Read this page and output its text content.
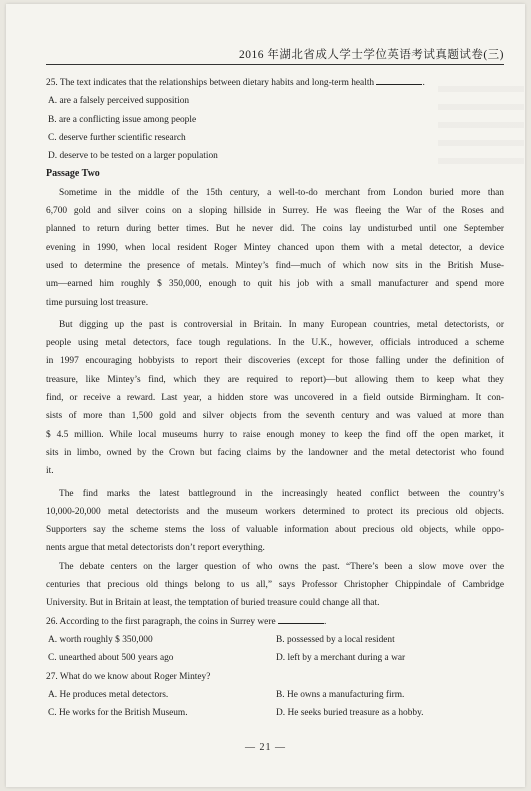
2016 年湖北省成人学士学位英语考试真题试卷(三)
25. The text indicates that the relationships between dietary habits and long-term health	.
A. are a falsely perceived supposition
B. are a conflicting issue among people
C. deserve further scientific research
D. deserve to be tested on a larger population
Passage Two
Sometime in the middle of the 15th century, a well-to-do merchant from London buried more than
6,700 gold and silver coins on a sloping hillside in Surrey. He was fleeing the War of the Roses and
planned to return during better times. But he never did. The coins lay undisturbed until one September
evening in 1990, when local resident Roger Mintey chanced upon them with a metal detector, a device
used to determine the presence of metals. Mintey’s find—much of which now sits in the British Muse-
um—earned him roughly $ 350,000, enough to quit his job with a small manufacturer and spend more
time pursuing lost treasure.
But digging up the past is controversial in Britain. In many European countries, metal detectorists, or
people using metal detectors, face tough regulations. In the U.K., however, officials introduced a scheme
in 1997 encouraging hobbyists to report their discoveries (except for those falling under the definition of
treasure, like Mintey’s find, which they are required to report)—but allowing them to keep what they
find, or receive a reward. Last year, a hidden store was uncovered in a field outside Birmingham. It con-
sists of more than 1,500 gold and silver objects from the seventh century and was valued at more than
$ 4.5 million. While local museums hurry to raise enough money to keep the find off the open market, it
sits in limbo, owned by the Crown but facing claims by the landowner and the metal detectorist who found
it.
The find marks the latest battleground in the increasingly heated conflict between the country’s
10,000-20,000 metal detectorists and the museum workers determined to protect its precious old objects.
Supporters say the scheme stems the loss of valuable information about precious old objects, while oppo-
nents argue that metal detectorists don’t report everything.
The debate centers on the larger question of who owns the past. “There’s been a slow move over the
centuries that precious old things belong to us all,” says Professor Christopher Chippindale of Cambridge
University. But in Britain at least, the temptation of buried treasure could change all that.
26. According to the first paragraph, the coins in Surrey were	.
A. worth roughly $ 350,000	B. possessed by a local resident
C. unearthed about 500 years ago	D. left by a merchant during a war
27. What do we know about Roger Mintey?
A. He produces metal detectors.	B. He owns a manufacturing firm.
C. He works for the British Museum.	D. He seeks buried treasure as a hobby.
— 21 —
